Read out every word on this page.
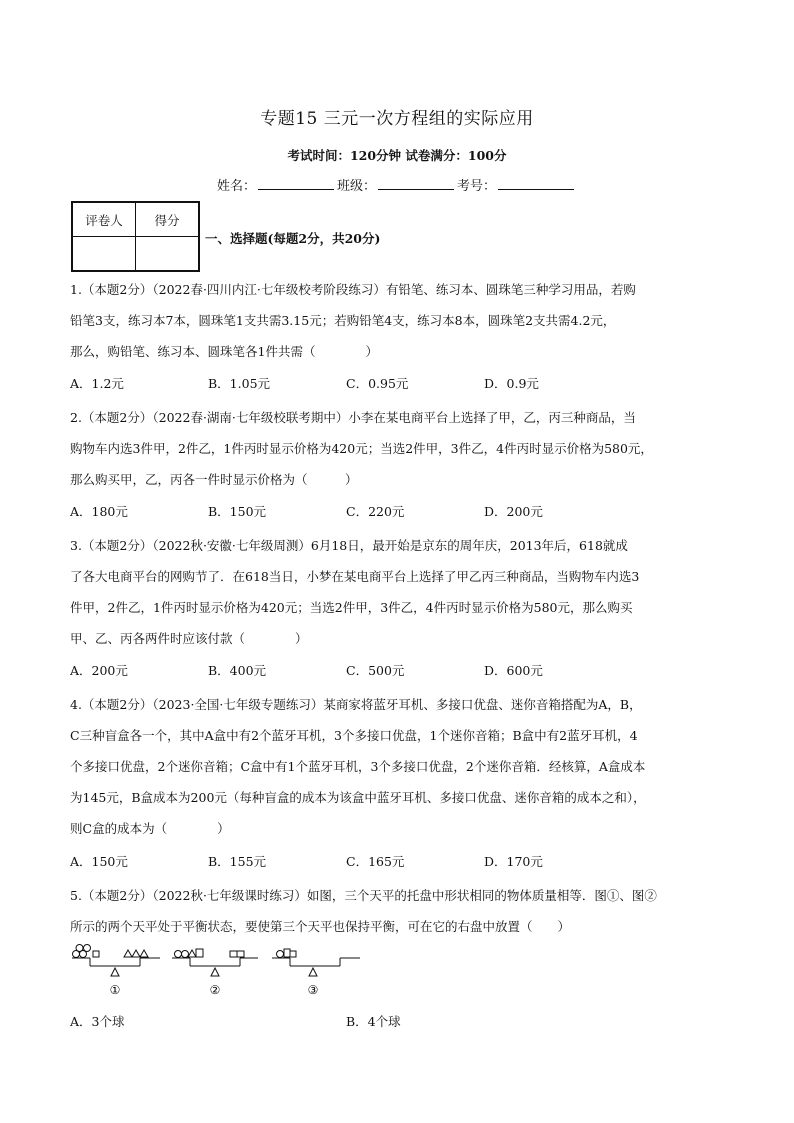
专题15 三元一次方程组的实际应用
考试时间：120分钟 试卷满分：100分
姓名：	班级：	考号：
评卷人	得分

一、选择题(每题2分，共20分)

1.（本题2分）（2022春·四川内江·七年级校考阶段练习）有铅笔、练习本、圆珠笔三种学习用品，若购

铅笔3支，练习本7本，圆珠笔1支共需3.15元；若购铅笔4支，练习本8本，圆珠笔2支共需4.2元，

那么，购铅笔、练习本、圆珠笔各1件共需（　　　　）

A．1.2元	B．1.05元	C．0.95元	D．0.9元

2.（本题2分）（2022春·湖南·七年级校联考期中）小李在某电商平台上选择了甲，乙，丙三种商品，当

购物车内选3件甲，2件乙，1件丙时显示价格为420元；当选2件甲，3件乙，4件丙时显示价格为580元，

那么购买甲，乙，丙各一件时显示价格为（　　　）

A．180元	B．150元	C．220元	D．200元

3.（本题2分）（2022秋·安徽·七年级周测）6月18日，最开始是京东的周年庆，2013年后，618就成

了各大电商平台的网购节了．在618当日，小梦在某电商平台上选择了甲乙丙三种商品，当购物车内选3

件甲，2件乙，1件丙时显示价格为420元；当选2件甲，3件乙，4件丙时显示价格为580元，那么购买

甲、乙、丙各两件时应该付款（　　　　）

A．200元	B．400元	C．500元	D．600元

4.（本题2分）（2023·全国·七年级专题练习）某商家将蓝牙耳机、多接口优盘、迷你音箱搭配为A，B，

C三种盲盒各一个，其中A盒中有2个蓝牙耳机，3个多接口优盘，1个迷你音箱；B盒中有2蓝牙耳机，4

个多接口优盘，2个迷你音箱；C盒中有1个蓝牙耳机，3个多接口优盘，2个迷你音箱．经核算，A盒成本

为145元，B盒成本为200元（每种盲盒的成本为该盒中蓝牙耳机、多接口优盘、迷你音箱的成本之和），

则C盒的成本为（　　　　）

A．150元	B．155元	C．165元	D．170元

5.（本题2分）（2022秋·七年级课时练习）如图，三个天平的托盘中形状相同的物体质量相等．图①、图②

所示的两个天平处于平衡状态，要使第三个天平也保持平衡，可在它的右盘中放置（　　）

①	②	③
A．3个球	B．4个球
